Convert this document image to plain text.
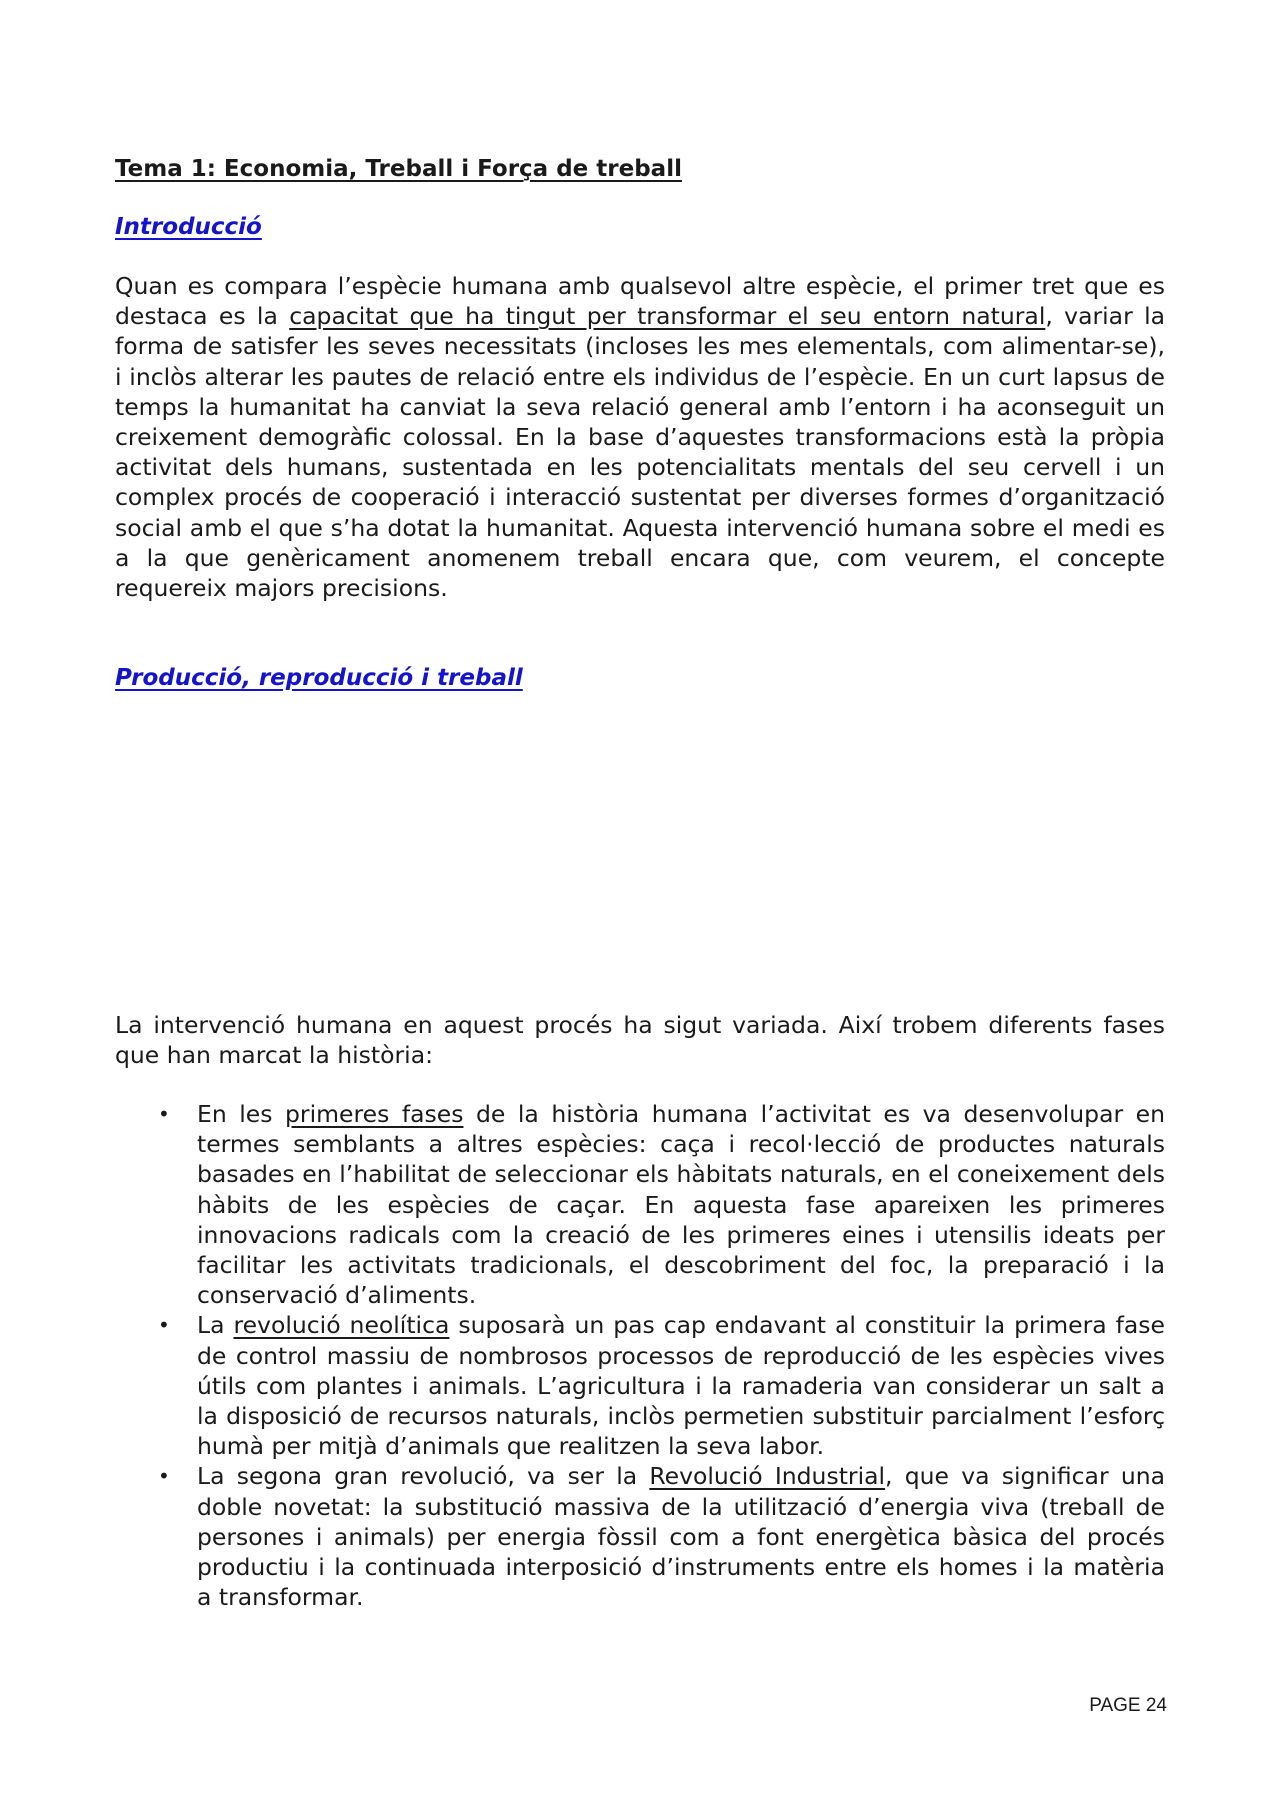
Tema 1: Economia, Treball i Força de treball
Introducció

Quan es compara l’espècie humana amb qualsevol altre espècie, el primer tret que es destaca es la capacitat que ha tingut per transformar el seu entorn natural, variar la forma de satisfer les seves necessitats (incloses les mes elementals, com alimentar-se), i inclòs alterar les pautes de relació entre els individus de l’espècie. En un curt lapsus de temps la humanitat ha canviat la seva relació general amb l’entorn i ha aconseguit un creixement demogràfic colossal. En la base d’aquestes transformacions està la pròpia activitat dels humans, sustentada en les potencialitats mentals del seu cervell i un complex procés de cooperació i interacció sustentat per diverses formes d’organització social amb el que s’ha dotat la humanitat. Aquesta intervenció humana sobre el medi es a la que genèricament anomenem treball encara que, com veurem, el concepte requereix majors precisions.

Producció, reproducció i treball

La intervenció humana en aquest procés ha sigut variada. Així trobem diferents fases que han marcat la història:

• En les primeres fases de la història humana l’activitat es va desenvolupar en termes semblants a altres espècies: caça i recol·lecció de productes naturals basades en l’habilitat de seleccionar els hàbitats naturals, en el coneixement dels hàbits de les espècies de caçar. En aquesta fase apareixen les primeres innovacions radicals com la creació de les primeres eines i utensilis ideats per facilitar les activitats tradicionals, el descobriment del foc, la preparació i la conservació d’aliments.
• La revolució neolítica suposarà un pas cap endavant al constituir la primera fase de control massiu de nombrosos processos de reproducció de les espècies vives útils com plantes i animals. L’agricultura i la ramaderia van considerar un salt a la disposició de recursos naturals, inclòs permetien substituir parcialment l’esforç humà per mitjà d’animals que realitzen la seva labor.
• La segona gran revolució, va ser la Revolució Industrial, que va significar una doble novetat: la substitució massiva de la utilització d’energia viva (treball de persones i animals) per energia fòssil com a font energètica bàsica del procés productiu i la continuada interposició d’instruments entre els homes i la matèria a transformar.
PAGE 24
